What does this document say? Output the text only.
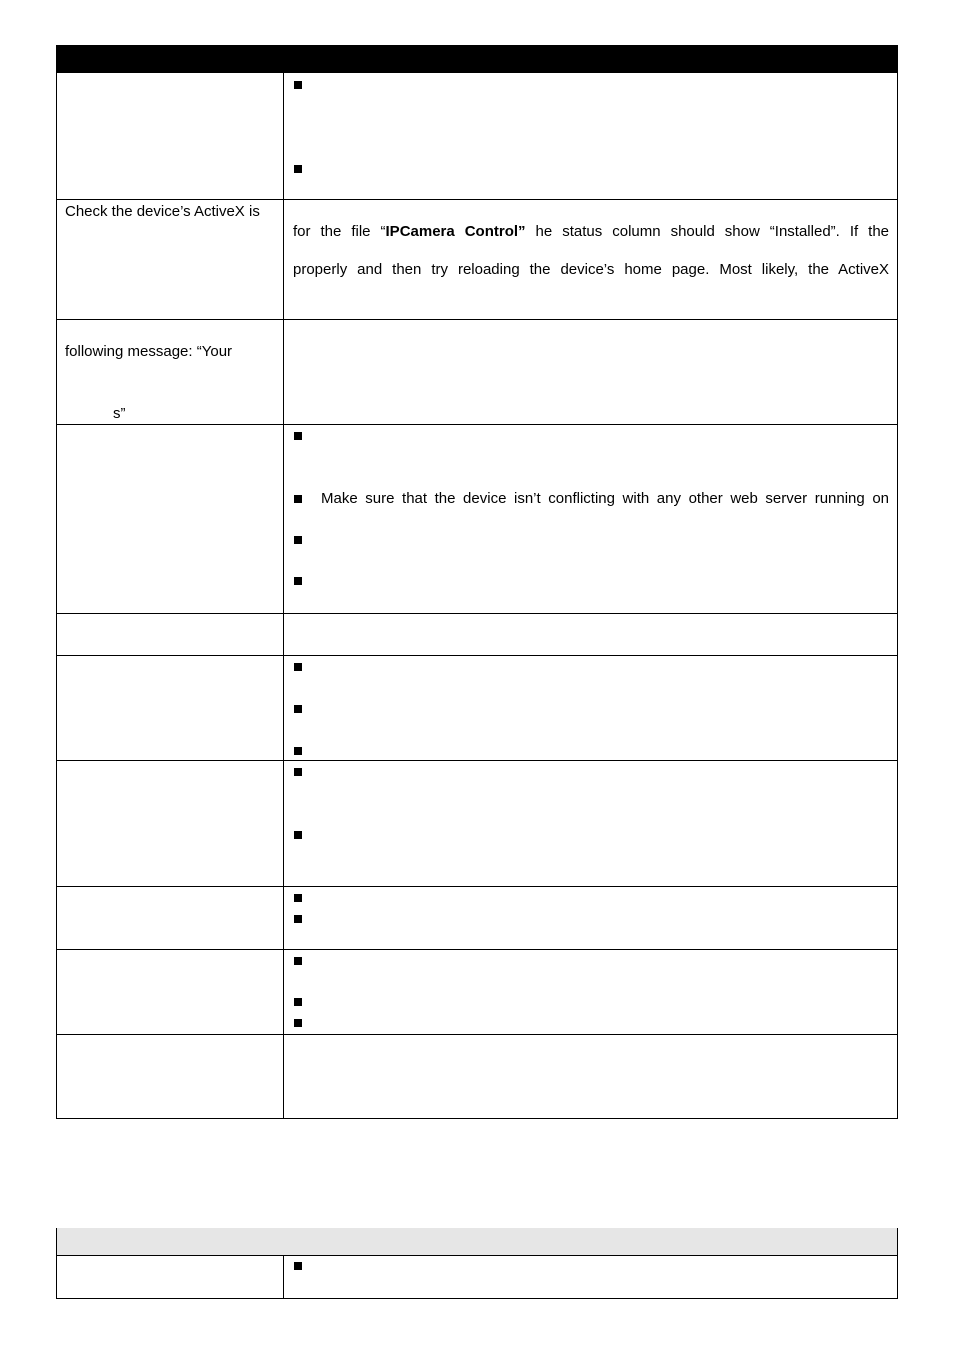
Check the device’s ActiveX is
for the file “IPCamera Control” he status column should show “Installed”. If the
properly and then try reloading the device’s home page. Most likely, the ActiveX
following message: “Your
s”
Make sure that the device isn’t conflicting with any other web server running on
